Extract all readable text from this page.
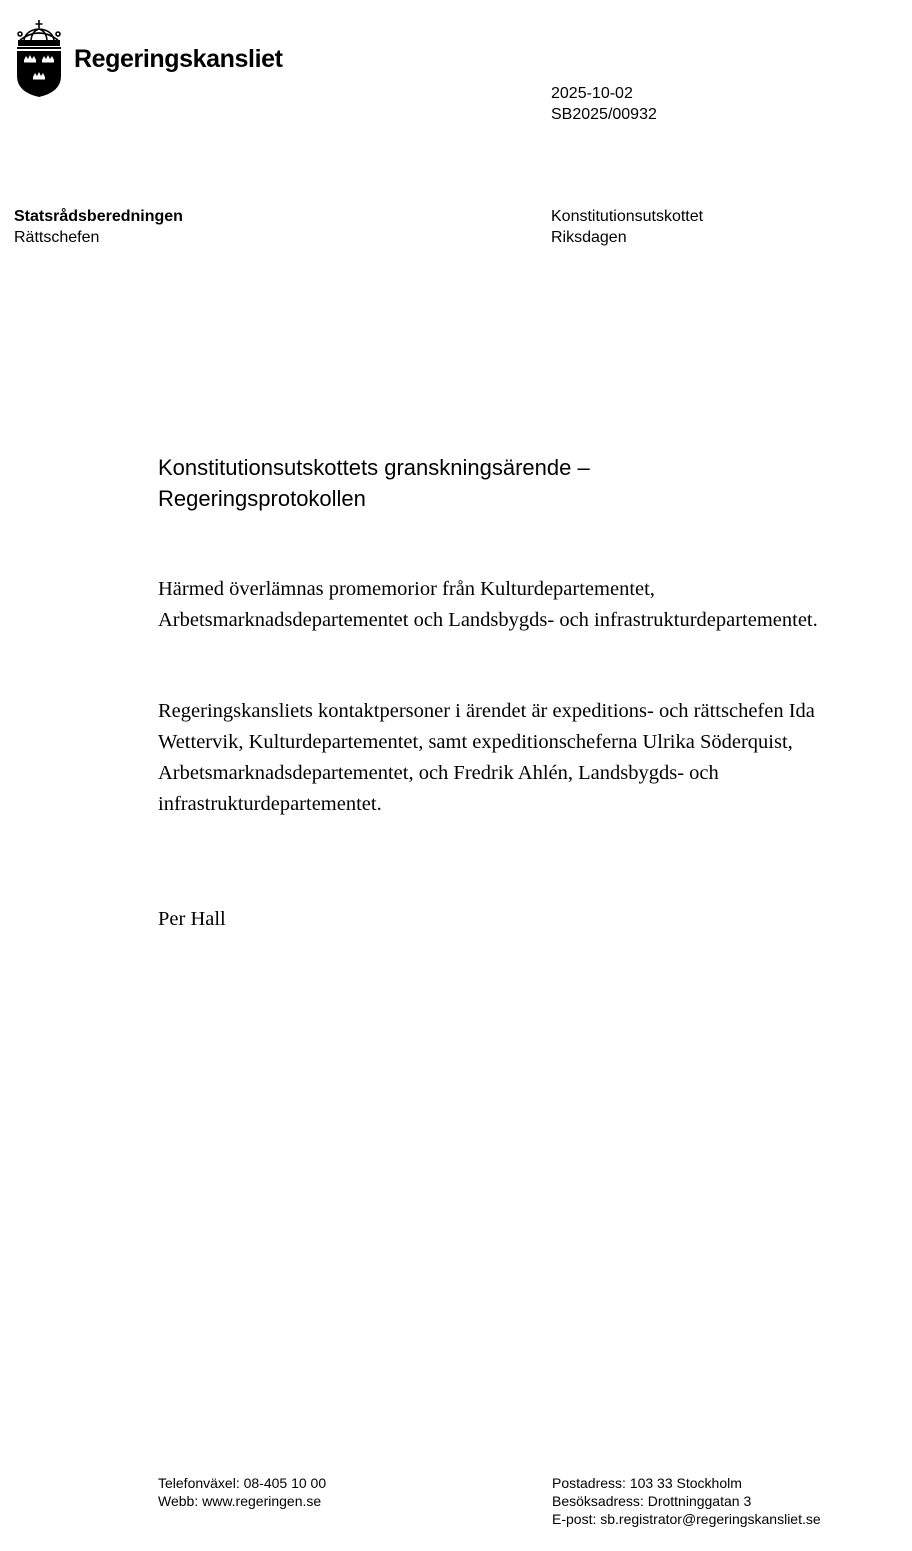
Regeringskansliet
2025-10-02
SB2025/00932
Statsrådsberedningen
Rättschefen
Konstitutionsutskottet
Riksdagen
Konstitutionsutskottets granskningsärende –
Regeringsprotokollen
Härmed överlämnas promemorior från Kulturdepartementet, Arbetsmarknadsdepartementet och Landsbygds- och infrastrukturdepartementet.
Regeringskansliets kontaktpersoner i ärendet är expeditions- och rättschefen Ida Wettervik, Kulturdepartementet, samt expeditionscheferna Ulrika Söderquist, Arbetsmarknadsdepartementet, och Fredrik Ahlén, Landsbygds- och infrastrukturdepartementet.
Per Hall
Telefonväxel: 08-405 10 00
Webb: www.regeringen.se
Postadress: 103 33 Stockholm
Besöksadress: Drottninggatan 3
E-post: sb.registrator@regeringskansliet.se
